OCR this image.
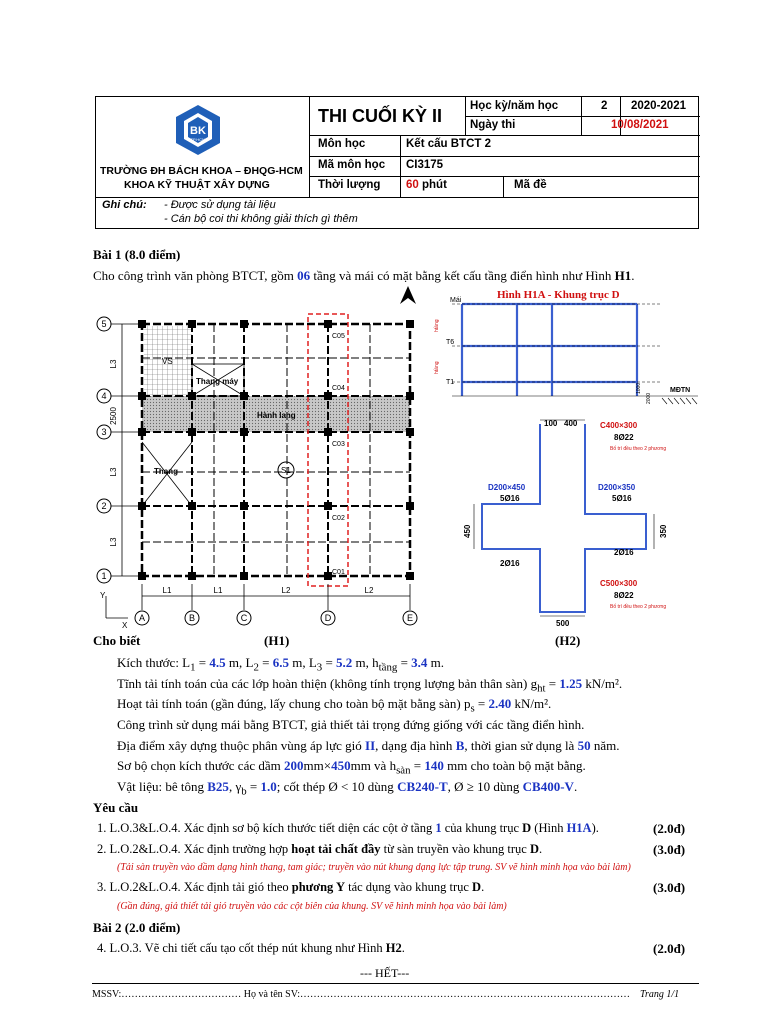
BK
TP.HCM
TRƯỜNG ĐH BÁCH KHOA – ĐHQG-HCM
KHOA KỸ THUẬT XÂY DỰNG
THI CUỐI KỲ II Học kỳ/năm học	2 2020-2021
Ngày thi	10/08/2021
Môn học	Kết cấu BTCT 2
Mã môn học CI3175
Thời lượng 60 phút	Mã đề
Ghi chú: - Được sử dụng tài liệu
- Cán bộ coi thi không giải thích gì thêm
Bài 1 (8.0 điểm)
Cho công trình văn phòng BTCT, gồm 06 tầng và mái có mặt bằng kết cấu tầng điển hình như Hình H1.
VS
Thang máy
Hành lang
Thang	S1
C05
C04
C03
C02
C01
5
4
3
2
1
A	B	C	D	E
L3
2500
L3
L3
L1	L1	L2	L2
Y
X
Hình H1A - Khung trục D
Mái
T6
T1
MĐTN
htầng
htầng
1000
2000
100 400	C400×300
8Ø22
Bố trí đều theo 2 phương
D200×450
5Ø16
2Ø16
D200×350
5Ø16
2Ø16
450	350
C500×300
8Ø22
Bố trí đều theo 2 phương
500
Cho biết	(H1)	(H2)
Kích thước: $L_1 = 4.5$ m, $L_2 = 6.5$ m, $L_3 = 5.2$ m, $h_{tầng} = 3.4$ m.
Tĩnh tải tính toán của các lớp hoàn thiện (không tính trọng lượng bản thân sàn) $g_{ht} = 1.25$ kN/m².
Hoạt tải tính toán (gần đúng, lấy chung cho toàn bộ mặt bằng sàn) $p_s = 2.40$ kN/m².
Công trình sử dụng mái bằng BTCT, giả thiết tải trọng đứng giống với các tầng điển hình.
Địa điểm xây dựng thuộc phân vùng áp lực gió II, dạng địa hình B, thời gian sử dụng là 50 năm.
Sơ bộ chọn kích thước các dầm 200mm×450mm và $h_{sàn} = 140$ mm cho toàn bộ mặt bằng.
Vật liệu: bê tông B25, $\gamma_b = 1.0$; cốt thép Ø < 10 dùng CB240-T, Ø ≥ 10 dùng CB400-V.
Yêu cầu
1. L.O.3&L.O.4. Xác định sơ bộ kích thước tiết diện các cột ở tầng 1 của khung trục D (Hình H1A).	(2.0đ)
2. L.O.2&L.O.4. Xác định trường hợp hoạt tải chất đầy từ sàn truyền vào khung trục D.	(3.0đ)
(Tải sàn truyền vào dầm dạng hình thang, tam giác; truyền vào nút khung dạng lực tập trung. SV vẽ hình minh họa vào bài làm)
3. L.O.2&L.O.4. Xác định tải gió theo phương Y tác dụng vào khung trục D.	(3.0đ)
(Gần đúng, giả thiết tải gió truyền vào các cột biên của khung. SV vẽ hình minh họa vào bài làm)
Bài 2 (2.0 điểm)
4. L.O.3. Vẽ chi tiết cấu tạo cốt thép nút khung như Hình H2.	(2.0đ)
--- HẾT---
MSSV:……………………………… Họ và tên SV:……………………………………………………………………………………… Trang 1/1
